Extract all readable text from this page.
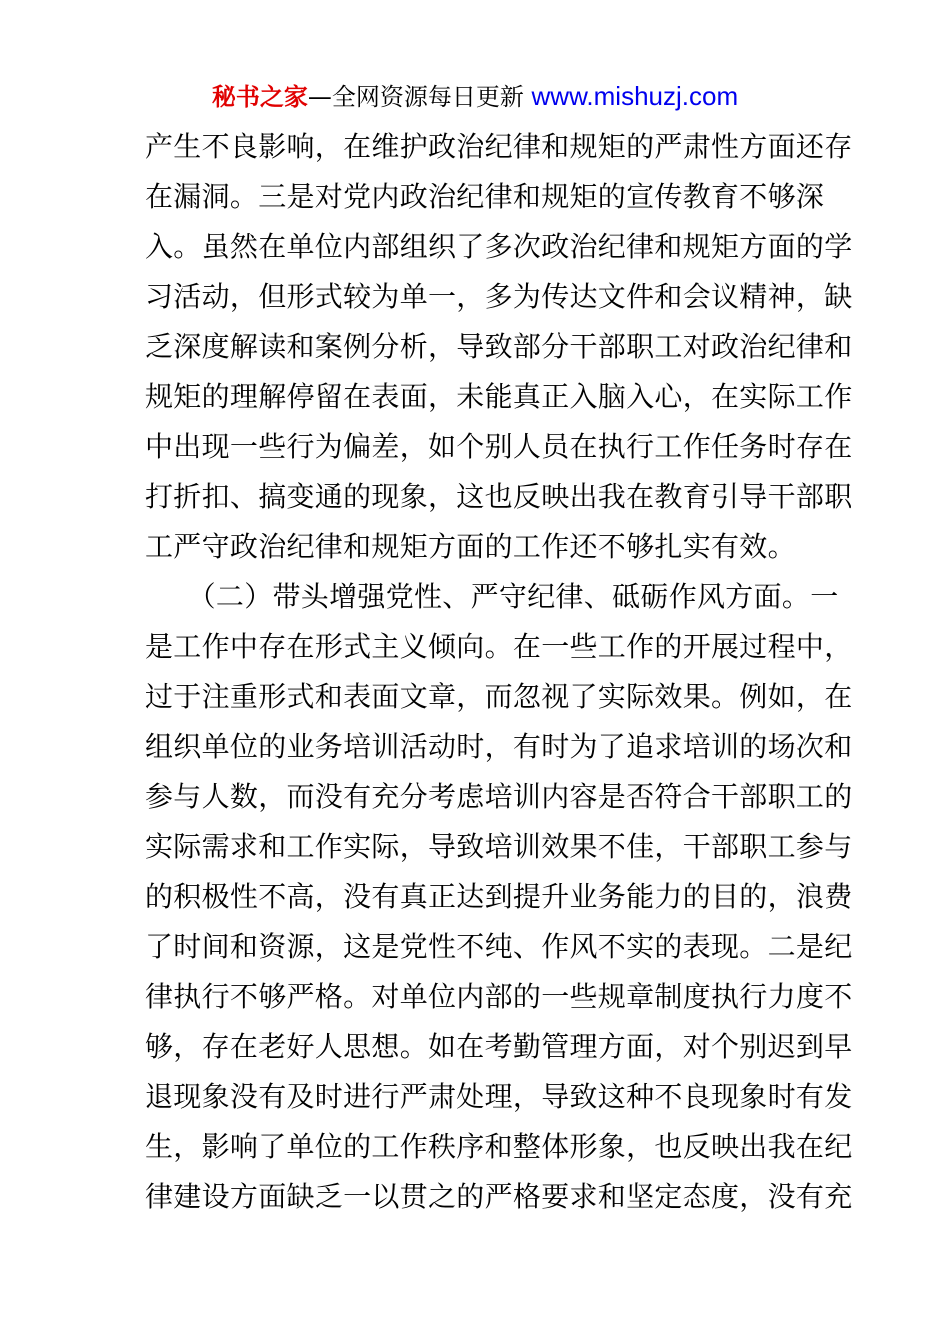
秘书之家—全网资源每日更新 www.mishuzj.com
产生不良影响，在维护政治纪律和规矩的严肃性方面还存
在漏洞。三是对党内政治纪律和规矩的宣传教育不够深
入。虽然在单位内部组织了多次政治纪律和规矩方面的学
习活动，但形式较为单一，多为传达文件和会议精神，缺
乏深度解读和案例分析，导致部分干部职工对政治纪律和
规矩的理解停留在表面，未能真正入脑入心，在实际工作
中出现一些行为偏差，如个别人员在执行工作任务时存在
打折扣、搞变通的现象，这也反映出我在教育引导干部职
工严守政治纪律和规矩方面的工作还不够扎实有效。
　　（二）带头增强党性、严守纪律、砥砺作风方面。一
是工作中存在形式主义倾向。在一些工作的开展过程中，
过于注重形式和表面文章，而忽视了实际效果。例如，在
组织单位的业务培训活动时，有时为了追求培训的场次和
参与人数，而没有充分考虑培训内容是否符合干部职工的
实际需求和工作实际，导致培训效果不佳，干部职工参与
的积极性不高，没有真正达到提升业务能力的目的，浪费
了时间和资源，这是党性不纯、作风不实的表现。二是纪
律执行不够严格。对单位内部的一些规章制度执行力度不
够，存在老好人思想。如在考勤管理方面，对个别迟到早
退现象没有及时进行严肃处理，导致这种不良现象时有发
生，影响了单位的工作秩序和整体形象，也反映出我在纪
律建设方面缺乏一以贯之的严格要求和坚定态度，没有充
